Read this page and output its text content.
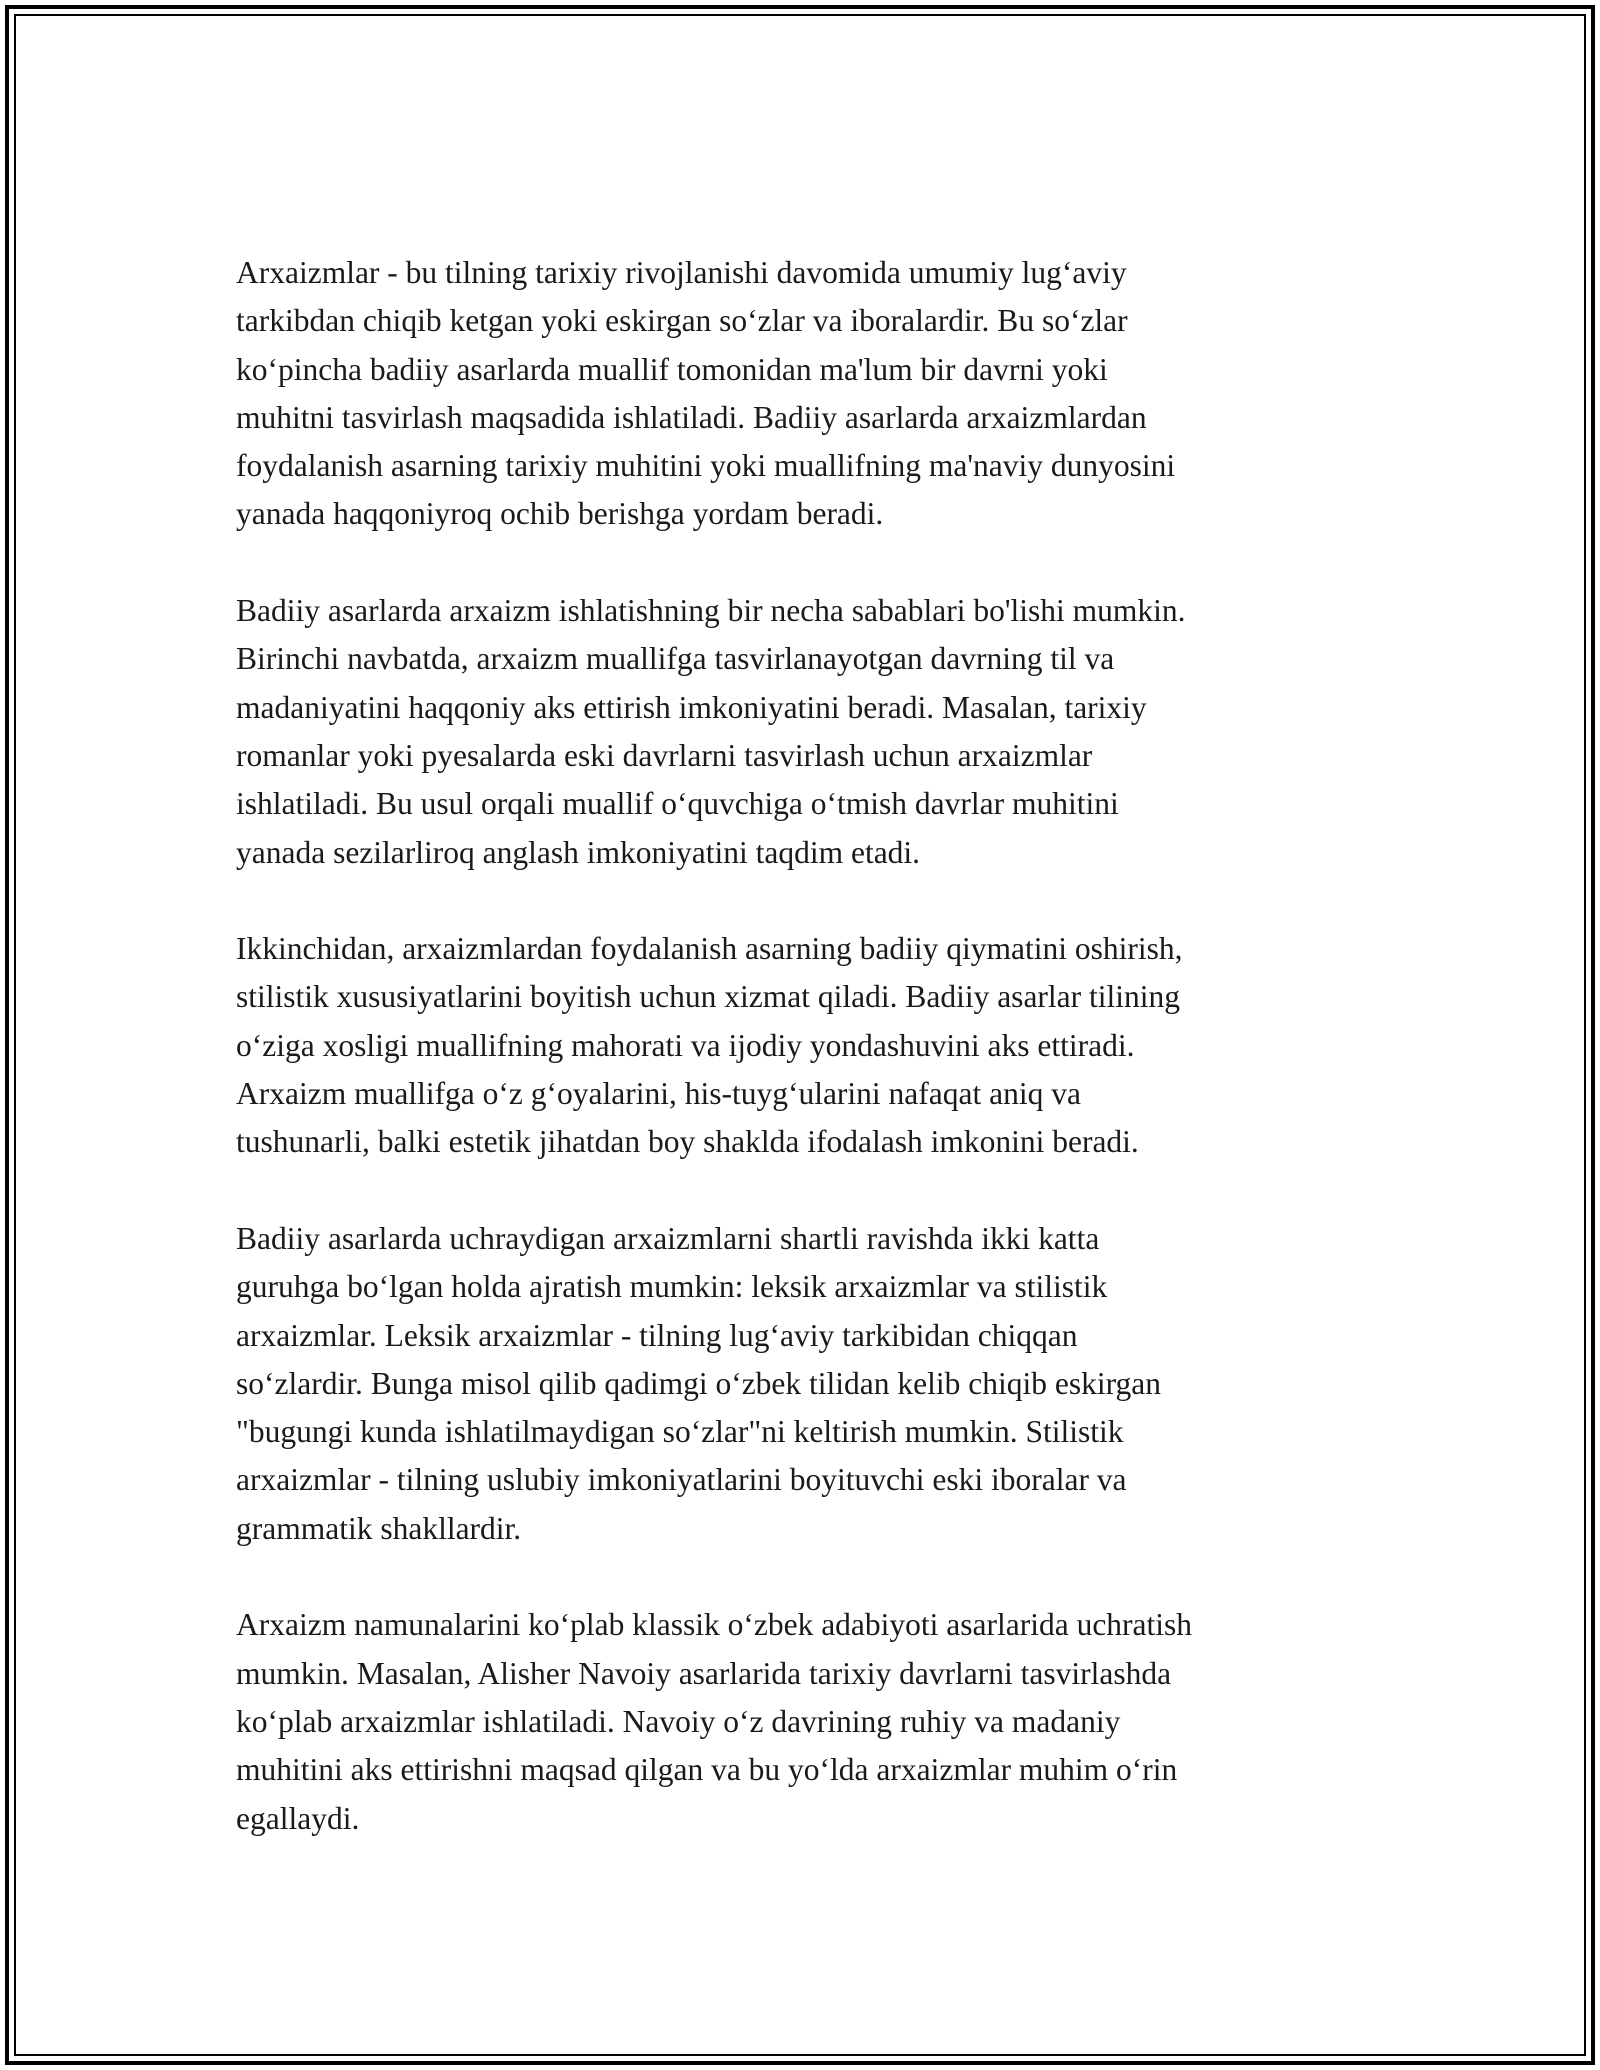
Arxaizmlar - bu tilning tarixiy rivojlanishi davomida umumiy lug‘aviy
tarkibdan chiqib ketgan yoki eskirgan so‘zlar va iboralardir. Bu so‘zlar
ko‘pincha badiiy asarlarda muallif tomonidan ma'lum bir davrni yoki
muhitni tasvirlash maqsadida ishlatiladi. Badiiy asarlarda arxaizmlardan
foydalanish asarning tarixiy muhitini yoki muallifning ma'naviy dunyosini
yanada haqqoniyroq ochib berishga yordam beradi.

Badiiy asarlarda arxaizm ishlatishning bir necha sabablari bo'lishi mumkin.
Birinchi navbatda, arxaizm muallifga tasvirlanayotgan davrning til va
madaniyatini haqqoniy aks ettirish imkoniyatini beradi. Masalan, tarixiy
romanlar yoki pyesalarda eski davrlarni tasvirlash uchun arxaizmlar
ishlatiladi. Bu usul orqali muallif o‘quvchiga o‘tmish davrlar muhitini
yanada sezilarliroq anglash imkoniyatini taqdim etadi.

Ikkinchidan, arxaizmlardan foydalanish asarning badiiy qiymatini oshirish,
stilistik xususiyatlarini boyitish uchun xizmat qiladi. Badiiy asarlar tilining
o‘ziga xosligi muallifning mahorati va ijodiy yondashuvini aks ettiradi.
Arxaizm muallifga o‘z g‘oyalarini, his-tuyg‘ularini nafaqat aniq va
tushunarli, balki estetik jihatdan boy shaklda ifodalash imkonini beradi.

Badiiy asarlarda uchraydigan arxaizmlarni shartli ravishda ikki katta
guruhga bo‘lgan holda ajratish mumkin: leksik arxaizmlar va stilistik
arxaizmlar. Leksik arxaizmlar - tilning lug‘aviy tarkibidan chiqqan
so‘zlardir. Bunga misol qilib qadimgi o‘zbek tilidan kelib chiqib eskirgan
"bugungi kunda ishlatilmaydigan so‘zlar"ni keltirish mumkin. Stilistik
arxaizmlar - tilning uslubiy imkoniyatlarini boyituvchi eski iboralar va
grammatik shakllardir.

Arxaizm namunalarini ko‘plab klassik o‘zbek adabiyoti asarlarida uchratish
mumkin. Masalan, Alisher Navoiy asarlarida tarixiy davrlarni tasvirlashda
ko‘plab arxaizmlar ishlatiladi. Navoiy o‘z davrining ruhiy va madaniy
muhitini aks ettirishni maqsad qilgan va bu yo‘lda arxaizmlar muhim o‘rin
egallaydi.
